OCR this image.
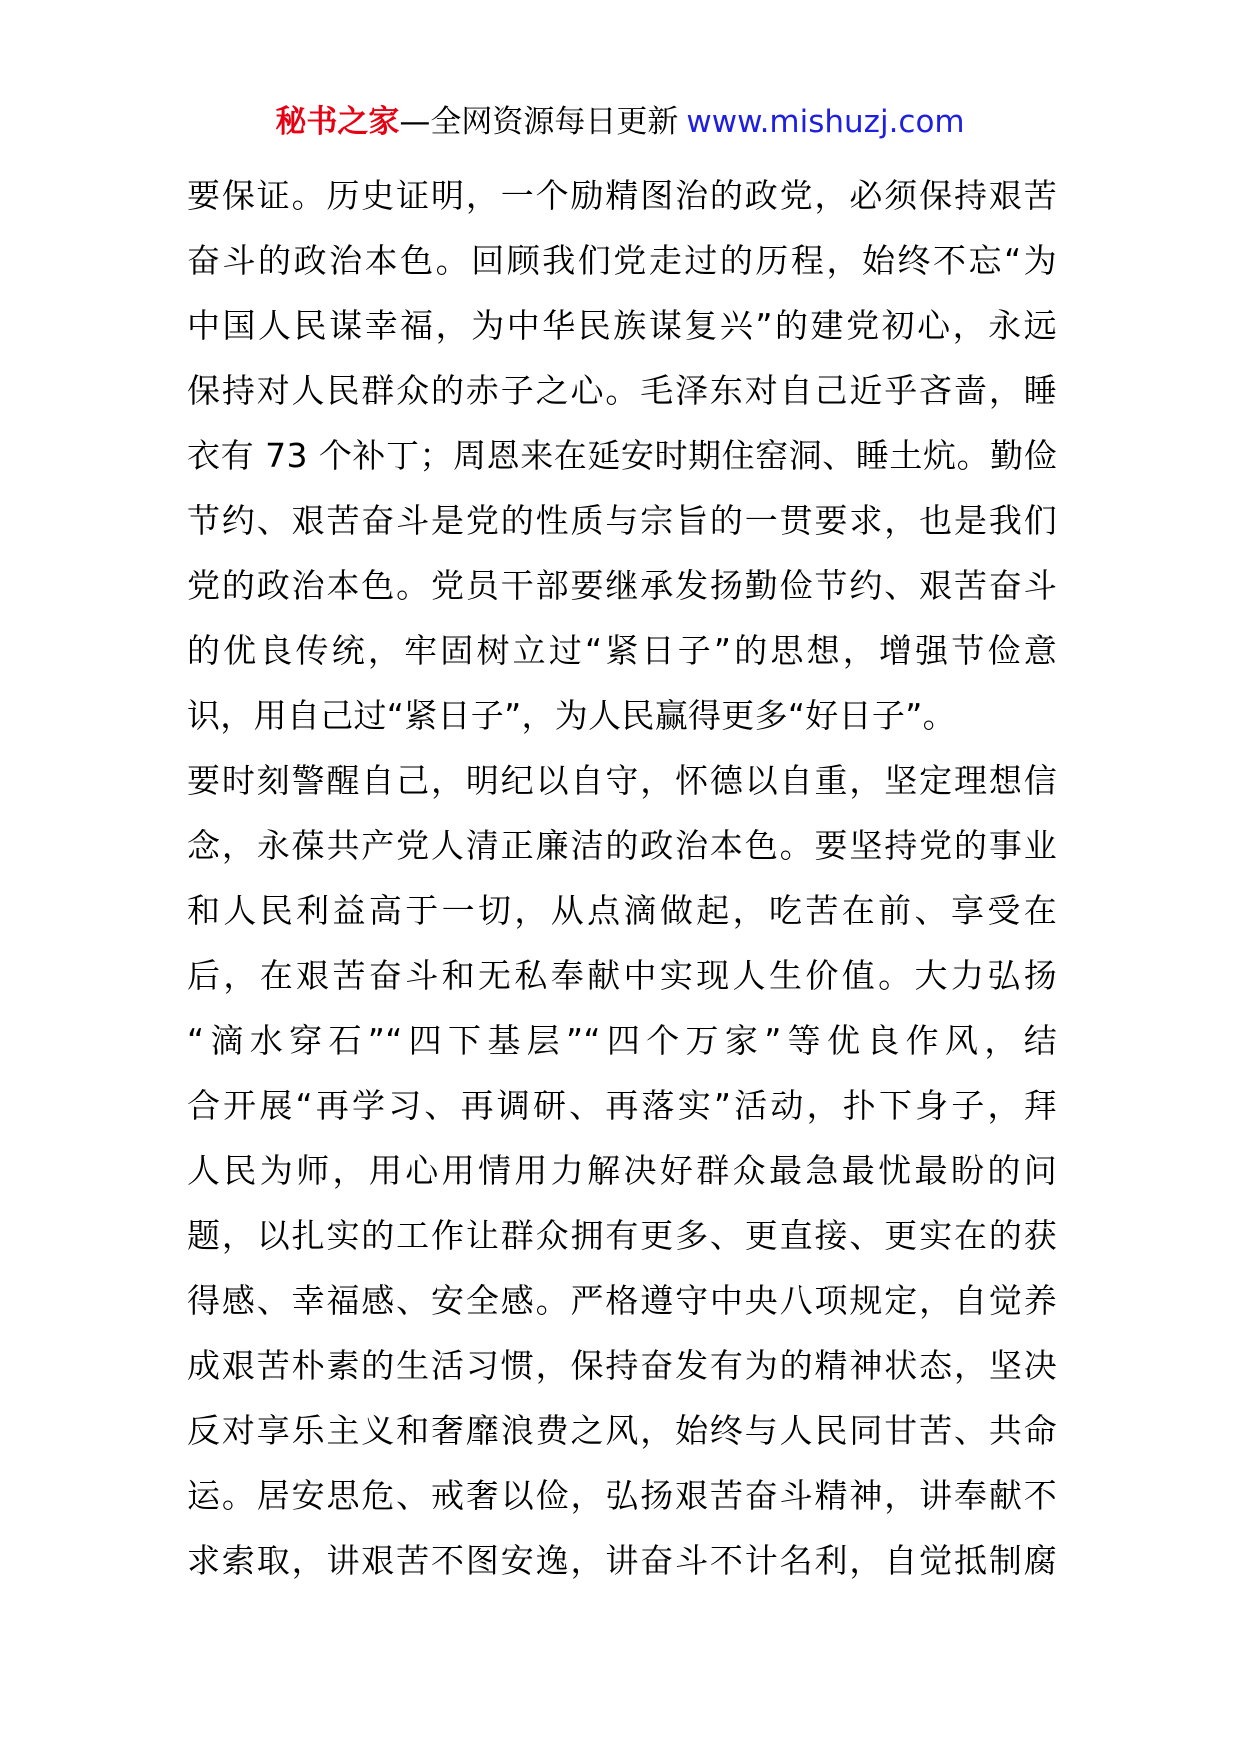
秘书之家—全网资源每日更新 www.mishuzj.com
要保证。历史证明，一个励精图治的政党，必须保持艰苦
奋斗的政治本色。回顾我们党走过的历程，始终不忘“为
中国人民谋幸福，为中华民族谋复兴”的建党初心，永远
保持对人民群众的赤子之心。毛泽东对自己近乎吝啬，睡
衣有 73 个补丁；周恩来在延安时期住窑洞、睡土炕。勤俭
节约、艰苦奋斗是党的性质与宗旨的一贯要求，也是我们
党的政治本色。党员干部要继承发扬勤俭节约、艰苦奋斗
的优良传统，牢固树立过“紧日子”的思想，增强节俭意
识，用自己过“紧日子”，为人民赢得更多“好日子”。
要时刻警醒自己，明纪以自守，怀德以自重，坚定理想信
念，永葆共产党人清正廉洁的政治本色。要坚持党的事业
和人民利益高于一切，从点滴做起，吃苦在前、享受在
后，在艰苦奋斗和无私奉献中实现人生价值。大力弘扬
“滴水穿石”“四下基层”“四个万家”等优良作风，结
合开展“再学习、再调研、再落实”活动，扑下身子，拜
人民为师，用心用情用力解决好群众最急最忧最盼的问
题，以扎实的工作让群众拥有更多、更直接、更实在的获
得感、幸福感、安全感。严格遵守中央八项规定，自觉养
成艰苦朴素的生活习惯，保持奋发有为的精神状态，坚决
反对享乐主义和奢靡浪费之风，始终与人民同甘苦、共命
运。居安思危、戒奢以俭，弘扬艰苦奋斗精神，讲奉献不
求索取，讲艰苦不图安逸，讲奋斗不计名利，自觉抵制腐
